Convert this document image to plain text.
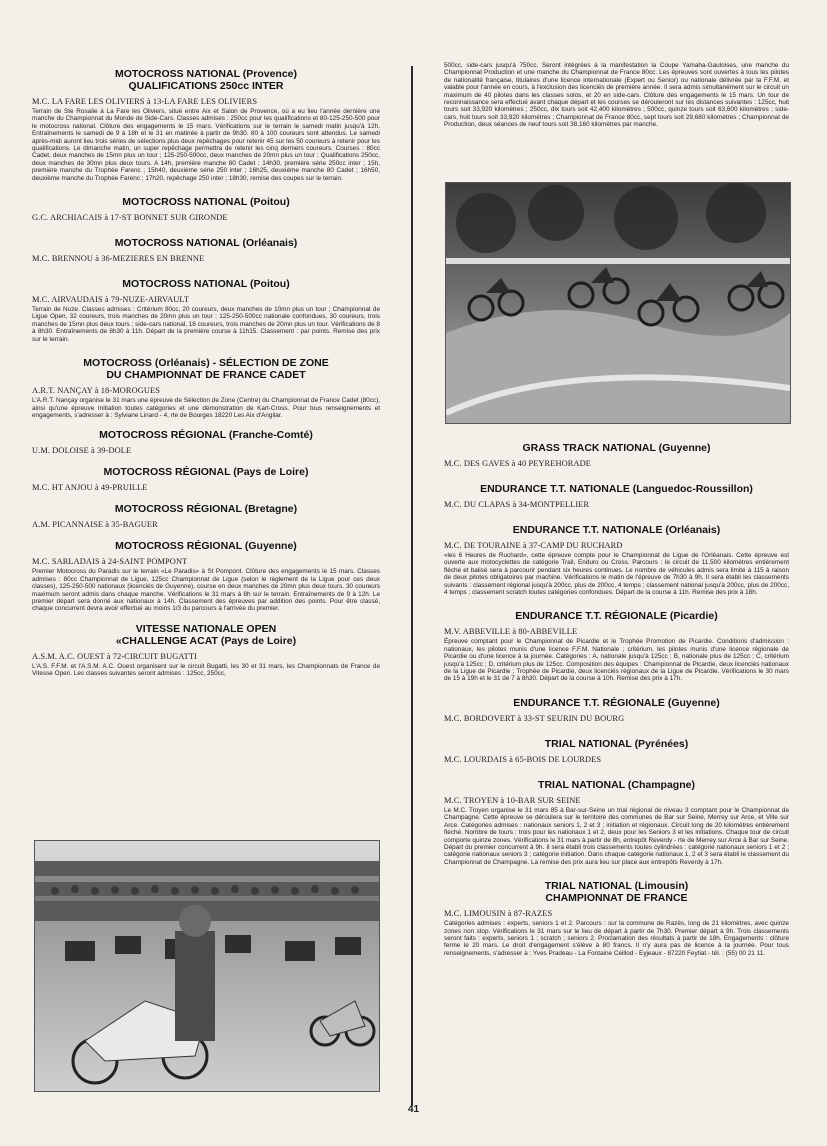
MOTOCROSS NATIONAL (Provence)
QUALIFICATIONS 250cc INTER
M.C. LA FARE LES OLIVIERS à 13-LA FARE LES OLIVIERS
Terrain de Ste Rosalie à La Fare les Oliviers, situé entre Aix et Salon de Provence, où a eu lieu l'année dernière une manche du Championnat du Monde de Side-Cars. Classes admises : 250cc pour les qualifications et 80-125-250-500 pour le motocross national. Clôture des engagements le 15 mars. Vérifications sur le terrain le samedi matin jusqu'à 12h. Entraînements le samedi de 9 à 18h et le 31 en matinée à partir de 9h30. 80 à 100 coureurs sont attendus. Le samedi après-midi auront lieu trois séries de sélections plus deux repêchages pour retenir 45 sur les 50 coureurs à retenir pour les qualifications. Le dimanche matin, un super repêchage permettra de retenir les cinq derniers coureurs. Courses : 80cc Cadet, deux manches de 15mn plus un tour ; 125-250-500cc, deux manches de 20mn plus un tour ; Qualifications 250cc, deux manches de 30mn plus deux tours. A 14h, première manche 80 Cadet ; 14h30, première série 250cc inter ; 15h, première manche du Trophée Farenc ; 15h40, deuxième série 250 inter ; 16h25, deuxième manche 80 Cadet ; 16h50, deuxième manche du Trophée Farenc ; 17h20, repêchage 250 inter ; 18h30, remise des coupes sur le terrain.
MOTOCROSS NATIONAL (Poitou)
G.C. ARCHIACAIS à 17-ST BONNET SUR GIRONDE
MOTOCROSS NATIONAL (Orléanais)
M.C. BRENNOU à 36-MEZIERES EN BRENNE
MOTOCROSS NATIONAL (Poitou)
M.C. AIRVAUDAIS à 79-NUZE-AIRVAULT
Terrain de Nuze. Classes admises : Critérium 80cc, 20 coureurs, deux manches de 10mn plus un tour ; Championnat de Ligue Open, 32 coureurs, trois manches de 20mn plus un tour ; 125-250-500cc nationale confondues, 30 coureurs, trois manches de 15mn plus deux tours ; side-cars national, 18 coureurs, trois manches de 20mn plus un tour. Vérifications de 8 à 8h30. Entraînements de 8h30 à 11h. Départ de la première course à 11h15. Classement : par points. Remise des prix sur le terrain.
MOTOCROSS (Orléanais) - SÉLECTION DE ZONE
DU CHAMPIONNAT DE FRANCE CADET
A.R.T. NANÇAY à 18-MOROGUES
L'A.R.T. Nançay organise le 31 mars une épreuve de Sélection de Zone (Centre) du Championnat de France Cadet (80cc), ainsi qu'une épreuve Initiation toutes catégories et une démonstration de Kart-Cross. Pour tous renseignements et engagements, s'adresser à : Sylviane Linard - 4, rte de Bourges 18220 Les Aix d'Angilar.
MOTOCROSS RÉGIONAL (Franche-Comté)
U.M. DOLOISE à 39-DOLE
MOTOCROSS RÉGIONAL (Pays de Loire)
M.C. HT ANJOU à 49-PRUILLE
MOTOCROSS RÉGIONAL (Bretagne)
A.M. PICANNAISE à 35-BAGUER
MOTOCROSS RÉGIONAL (Guyenne)
M.C. SARLADAIS à 24-SAINT POMPONT
Premier Motocross du Paradis sur le terrain «Le Paradis» à St Pompont. Clôture des engagements le 15 mars. Classes admises : 80cc Championnat de Ligue, 125cc Championnat de Ligue (selon le règlement de la Ligue pour ces deux classes), 125-250-500 nationaux (licenciés de Guyenne), course en deux manches de 20mn plus deux tours. 30 coureurs maximum seront admis dans chaque manche. Vérifications le 31 mars à 8h sur le terrain. Entraînements de 9 à 12h. Le premier départ sera donné aux nationaux à 14h. Classement des épreuves par addition des points. Pour être classé, chaque concurrent devra avoir effectué au moins 1/3 du parcours à l'arrivée du premier.
VITESSE NATIONALE OPEN
«CHALLENGE ACAT (Pays de Loire)
A.S.M. A.C. OUEST à 72-CIRCUIT BUGATTI
L'A.S. F.F.M. et l'A.S.M. A.C. Ouest organisent sur le circuit Bugatti, les 30 et 31 mars, les Championnats de France de Vitesse Open. Les classes suivantes seront admises : 125cc, 250cc,
500cc, side-cars jusqu'à 750cc. Seront intégrées à la manifestation la Coupe Yamaha-Gauloises, une manche du Championnat Production et une manche du Championnat de France 80cc. Les épreuves sont ouvertes à tous les pilotes de nationalité française, titulaires d'une licence internationale (Expert ou Senior) ou nationale délivrée par la F.F.M. et valable pour l'année en cours, à l'exclusion des licenciés de première année. Il sera admis simultanément sur le circuit un maximum de 40 pilotes dans les classes solos, et 20 en side-cars. Clôture des engagements le 15 mars. Un tour de reconnaissance sera effectué avant chaque départ et les courses se dérouleront sur les distances suivantes : 125cc, huit tours soit 33,920 kilomètres ; 250cc, dix tours soit 42,400 kilomètres ; 500cc, quinze tours soit 63,600 kilomètres ; side-cars, huit tours soit 33,920 kilomètres ; Championnat de France 80cc, sept tours soit 29,680 kilomètres ; Championnat de Production, deux séances de neuf tours soit 38,160 kilomètres par manche.
GRASS TRACK NATIONAL (Guyenne)
M.C. DES GAVES à 40 PEYREHORADE
ENDURANCE T.T. NATIONALE (Languedoc-Roussillon)
M.C. DU CLAPAS à 34-MONTPELLIER
ENDURANCE T.T. NATIONALE (Orléanais)
M.C. DE TOURAINE à 37-CAMP DU RUCHARD
«les 6 Heures de Ruchard», cette épreuve compte pour le Championnat de Ligue de l'Orléanais. Cette épreuve est ouverte aux motocyclettes de catégorie Trail, Enduro ou Cross. Parcours : le circuit de 11,500 kilomètres entièrement fléché et balisé sera à parcourir pendant six heures continues. Le nombre de véhicules admis sera limité à 115 à raison de deux pilotes obligatoires par machine. Vérifications le matin de l'épreuve de 7h30 à 9h. Il sera établi les classements suivants : classement régional jusqu'à 200cc, plus de 200cc, 4 temps ; classement national jusqu'à 200cc, plus de 200cc, 4 temps ; classement scratch toutes catégories confondues. Départ de la course à 11h. Remise des prix à 18h.
ENDURANCE T.T. RÉGIONALE (Picardie)
M.V. ABBEVILLE à 80-ABBEVILLE
Épreuve comptant pour le Championnat de Picardie et le Trophée Promotion de Picardie. Conditions d'admission : nationaux, les pilotes munis d'une licence F.F.M. Nationale ; critérium, les pilotes munis d'une licence régionale de Picardie ou d'une licence à la journée. Catégories : A, nationale jusqu'à 125cc ; B, nationale plus de 125cc ; C, critérium jusqu'à 125cc ; D, critérium plus de 125cc. Composition des équipes : Championnat de Picardie, deux licenciés nationaux de la Ligue de Picardie ; Trophée de Picardie, deux licenciés régionaux de la Ligue de Picardie. Vérifications le 30 mars de 15 à 19h et le 31 de 7 à 8h30. Départ de la course à 10h. Remise des prix à 17h.
ENDURANCE T.T. RÉGIONALE (Guyenne)
M.C. BORDOVERT à 33-ST SEURIN DU BOURG
TRIAL NATIONAL (Pyrénées)
M.C. LOURDAIS à 65-BOIS DE LOURDES
TRIAL NATIONAL (Champagne)
M.C. TROYEN à 10-BAR SUR SEINE
Le M.C. Troyen organise le 31 mars 85 à Bar-sur-Seine un trial régional de niveau 3 comptant pour le Championnat de Champagne. Cette épreuve se déroulera sur le territoire des communes de Bar sur Seine, Merrey sur Arce, et Ville sur Arce. Catégories admises : nationaux seniors 1, 2 et 3 ; initiation et régionaux. Circuit long de 20 kilomètres entièrement fléché. Nombre de tours : trois pour les nationaux 1 et 2, deux pour les Seniors 3 et les initiations. Chaque tour de circuit comporte quinze zones. Vérifications le 31 mars à partir de 8h, entrepôt Reverdy - rte de Merrey sur Arce à Bar sur Seine. Départ du premier concurrent à 9h. Il sera établi trois classements toutes cylindrées : catégorie nationaux seniors 1 et 2 ; catégorie nationaux seniors 3 ; catégorie initiation. Dans chaque catégorie nationaux 1, 2 et 3 sera établi le classement du Championnat de Champagne. La remise des prix aura lieu sur place aux entrepôts Reverdy à 17h.
TRIAL NATIONAL (Limousin)
CHAMPIONNAT DE FRANCE
M.C. LIMOUSIN à 87-RAZES
Catégories admises : experts, seniors 1 et 2. Parcours : sur la commune de Razès, long de 21 kilomètres, avec quinze zones non stop. Vérifications le 31 mars sur le lieu de départ à partir de 7h30. Premier départ à 9h. Trois classements seront faits : experts, seniors 1 ; scratch ; seniors 2. Proclamation des résultats à partir de 18h. Engagements : clôture ferme le 20 mars. Le droit d'engagement s'élève à 80 francs. Il n'y aura pas de licence à la journée. Pour tous renseignements, s'adresser à : Yves Pradeau - La Fontaine Ceillod - Eyjeaux - 87220 Feytiat - tél. : (55) 00 21 11.
41
